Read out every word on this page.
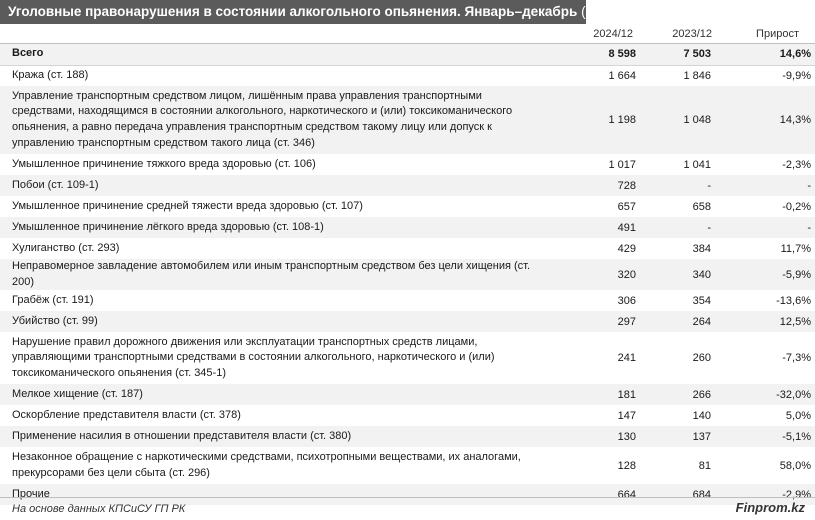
Уголовные правонарушения в состоянии алкогольного опьянения. Январь–декабрь (ед.)
2024/12	2023/12	Прирост
Всего	8 598	7 503	14,6%
Кража (ст. 188)	1 664	1 846	-9,9%
Управление транспортным средством лицом, лишённым права управления транспортными средствами, находящимся в состоянии алкогольного, наркотического и (или) токсикоманического опьянения, а равно передача управления транспортным средством такому лицу или допуск к управлению транспортным средством такого лица (ст. 346)	1 198	1 048	14,3%
Умышленное причинение тяжкого вреда здоровью (ст. 106)	1 017	1 041	-2,3%
Побои (ст. 109-1)	728	-	-
Умышленное причинение средней тяжести вреда здоровью (ст. 107)	657	658	-0,2%
Умышленное причинение лёгкого вреда здоровью (ст. 108-1)	491	-	-
Хулиганство (ст. 293)	429	384	11,7%
Неправомерное завладение автомобилем или иным транспортным средством без цели хищения (ст. 200)	320	340	-5,9%
Грабёж (ст. 191)	306	354	-13,6%
Убийство (ст. 99)	297	264	12,5%
Нарушение правил дорожного движения или эксплуатации транспортных средств лицами, управляющими транспортными средствами в состоянии алкогольного, наркотического и (или) токсикоманического опьянения (ст. 345-1)	241	260	-7,3%
Мелкое хищение (ст. 187)	181	266	-32,0%
Оскорбление представителя власти (ст. 378)	147	140	5,0%
Применение насилия в отношении представителя власти (ст. 380)	130	137	-5,1%
Незаконное обращение с наркотическими средствами, психотропными веществами, их аналогами, прекурсорами без цели сбыта (ст. 296)	128	81	58,0%
Прочие	664	684	-2,9%
На основе данных КПСиСУ ГП РК	Finprom.kz
